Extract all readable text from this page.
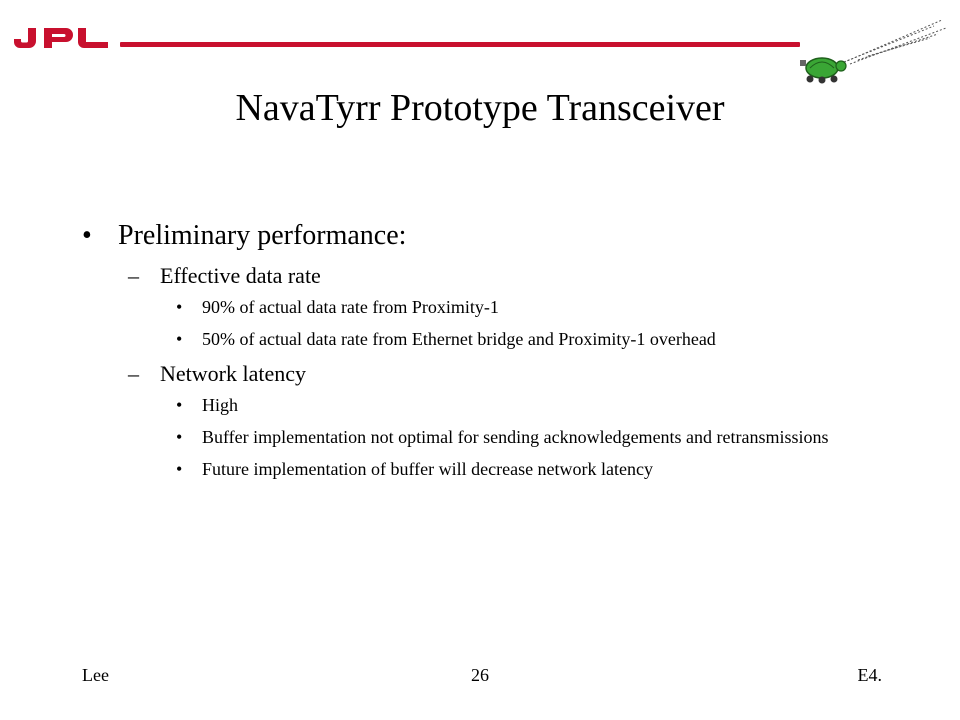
NavaTyrr Prototype Transceiver
• Preliminary performance:
– Effective data rate
• 90% of actual data rate from Proximity-1
• 50% of actual data rate from Ethernet bridge and Proximity-1 overhead
– Network latency
• High
• Buffer implementation not optimal for sending acknowledgements and retransmissions
• Future implementation of buffer will decrease network latency
Lee	26	E4.
